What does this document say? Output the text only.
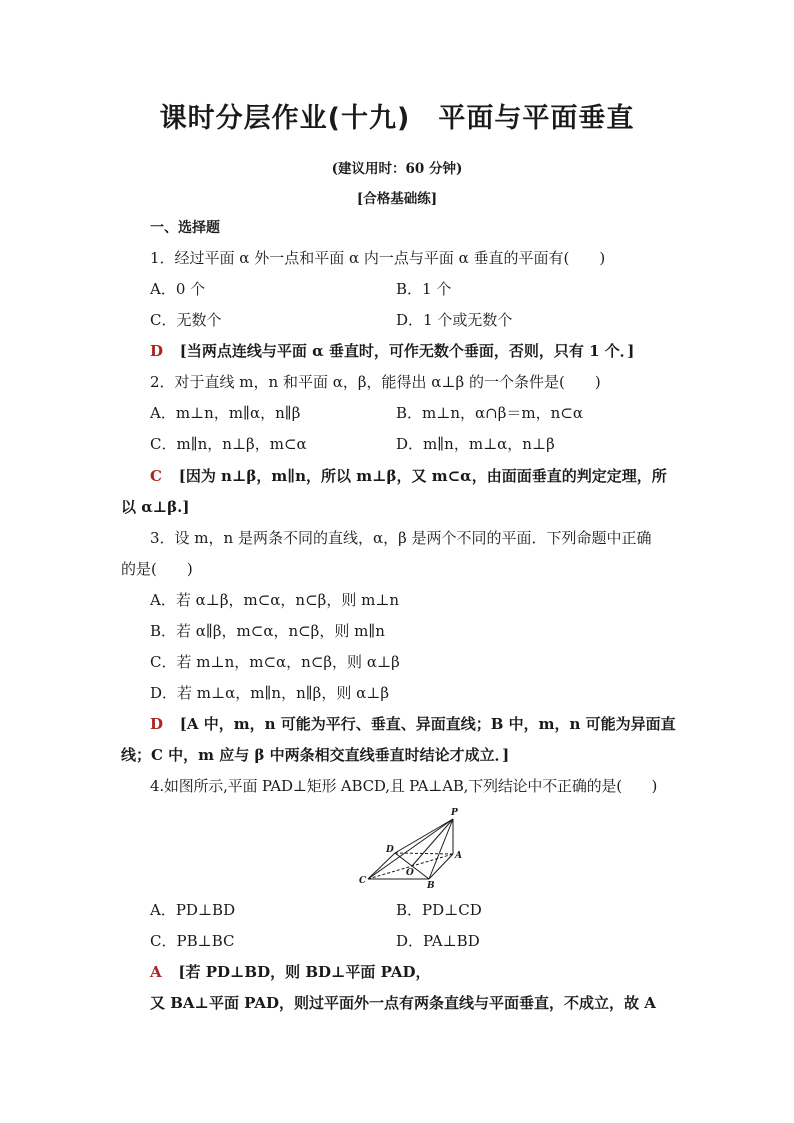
课时分层作业(十九)　平面与平面垂直
(建议用时：60 分钟)
[合格基础练]
一、选择题
1．经过平面 α 外一点和平面 α 内一点与平面 α 垂直的平面有(　　)
A．0 个	B．1 个
C．无数个	D．1 个或无数个
D [当两点连线与平面 α 垂直时，可作无数个垂面，否则，只有 1 个．]
2．对于直线 m，n 和平面 α，β，能得出 α⊥β 的一个条件是(　　)
A．m⊥n，m∥α，n∥β	B．m⊥n，α∩β＝m，n⊂α
C．m∥n，n⊥β，m⊂α	D．m∥n，m⊥α，n⊥β
C [因为 n⊥β，m∥n，所以 m⊥β，又 m⊂α，由面面垂直的判定定理，所
以 α⊥β.]
3．设 m，n 是两条不同的直线，α，β 是两个不同的平面．下列命题中正确
的是(　　)
A．若 α⊥β，m⊂α，n⊂β，则 m⊥n
B．若 α∥β，m⊂α，n⊂β，则 m∥n
C．若 m⊥n，m⊂α，n⊂β，则 α⊥β
D．若 m⊥α，m∥n，n∥β，则 α⊥β
D [A 中，m，n 可能为平行、垂直、异面直线；B 中，m，n 可能为异面直
线；C 中，m 应与 β 中两条相交直线垂直时结论才成立．]
4.如图所示,平面 PAD⊥矩形 ABCD,且 PA⊥AB,下列结论中不正确的是(　　)
P
A
B
C
D
O
A．PD⊥BD	B．PD⊥CD
C．PB⊥BC	D．PA⊥BD
A [若 PD⊥BD，则 BD⊥平面 PAD，
又 BA⊥平面 PAD，则过平面外一点有两条直线与平面垂直，不成立，故 A
